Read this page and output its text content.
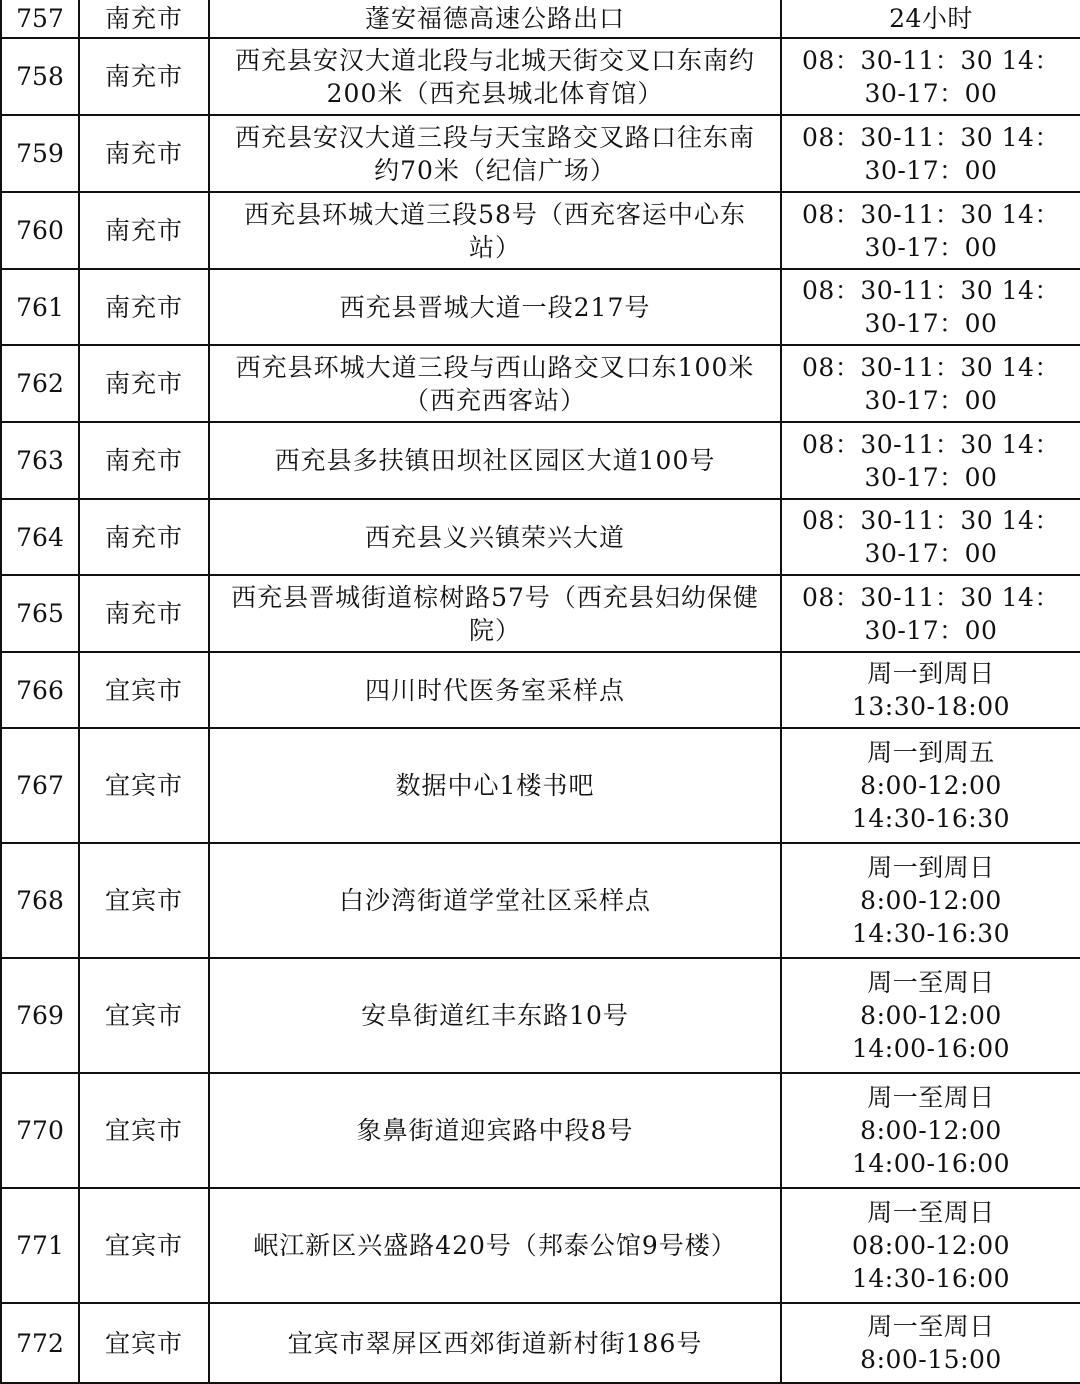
757	南充市	蓬安福德高速公路出口	24小时

758	南充市	西充县安汉大道北段与北城天街交叉口东南约
200米（西充县城北体育馆）	08：30-11：30 14：
30-17：00

759	南充市	西充县安汉大道三段与天宝路交叉路口往东南
约70米（纪信广场）	08：30-11：30 14：
30-17：00

760	南充市	西充县环城大道三段58号（西充客运中心东
站）	08：30-11：30 14：
30-17：00

761	南充市	西充县晋城大道一段217号	08：30-11：30 14：
30-17：00

762	南充市	西充县环城大道三段与西山路交叉口东100米
（西充西客站）	08：30-11：30 14：
30-17：00

763	南充市	西充县多扶镇田坝社区园区大道100号	08：30-11：30 14：
30-17：00

764	南充市	西充县义兴镇荣兴大道	08：30-11：30 14：
30-17：00

765	南充市	西充县晋城街道棕树路57号（西充县妇幼保健
院）	08：30-11：30 14：
30-17：00

766	宜宾市	四川时代医务室采样点	周一到周日
13:30-18:00

767	宜宾市	数据中心1楼书吧	周一到周五
8:00-12:00
14:30-16:30

768	宜宾市	白沙湾街道学堂社区采样点	周一到周日
8:00-12:00
14:30-16:30

769	宜宾市	安阜街道红丰东路10号	周一至周日
8:00-12:00
14:00-16:00

770	宜宾市	象鼻街道迎宾路中段8号	周一至周日
8:00-12:00
14:00-16:00

771	宜宾市	岷江新区兴盛路420号（邦泰公馆9号楼）	周一至周日
08:00-12:00
14:30-16:00

772	宜宾市	宜宾市翠屏区西郊街道新村街186号	周一至周日
8:00-15:00
